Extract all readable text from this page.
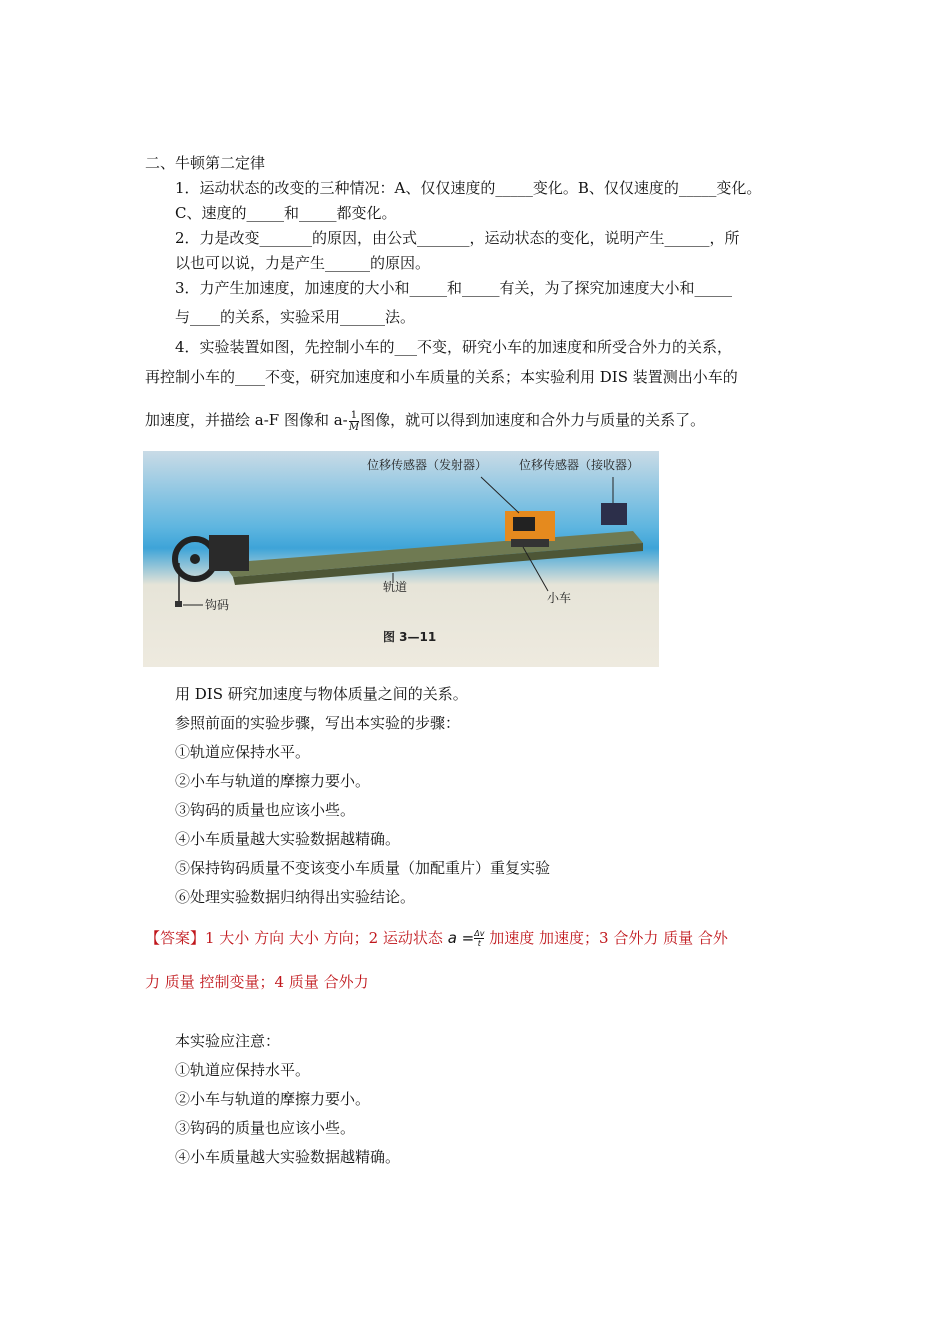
二、牛顿第二定律
1．运动状态的改变的三种情况：A、仅仅速度的_____变化。B、仅仅速度的_____变化。
C、速度的_____和_____都变化。
2．力是改变_______的原因，由公式_______，运动状态的变化，说明产生______，所
以也可以说，力是产生______的原因。
3．力产生加速度，加速度的大小和_____和_____有关，为了探究加速度大小和_____
与____的关系，实验采用______法。
4．实验装置如图，先控制小车的___不变，研究小车的加速度和所受合外力的关系，
再控制小车的____不变，研究加速度和小车质量的关系；本实验利用 DIS 装置测出小车的
加速度，并描绘 a-F 图像和 $a- \frac{1}{M}$ 图像，就可以得到加速度和合外力与质量的关系了。
位移传感器（发射器）	位移传感器（接收器）
轨道
小车
钩码
图 3—11
用 DIS 研究加速度与物体质量之间的关系。
参照前面的实验步骤，写出本实验的步骤：
①轨道应保持水平。
②小车与轨道的摩擦力要小。
③钩码的质量也应该小些。
④小车质量越大实验数据越精确。
⑤保持钩码质量不变该变小车质量（加配重片）重复实验
⑥处理实验数据归纳得出实验结论。
【答案】1 大小 方向 大小 方向；2 运动状态 $a = \frac{\Delta v}{t}$ 加速度 加速度；3 合外力 质量 合外
力 质量 控制变量；4 质量 合外力
本实验应注意：
①轨道应保持水平。
②小车与轨道的摩擦力要小。
③钩码的质量也应该小些。
④小车质量越大实验数据越精确。
